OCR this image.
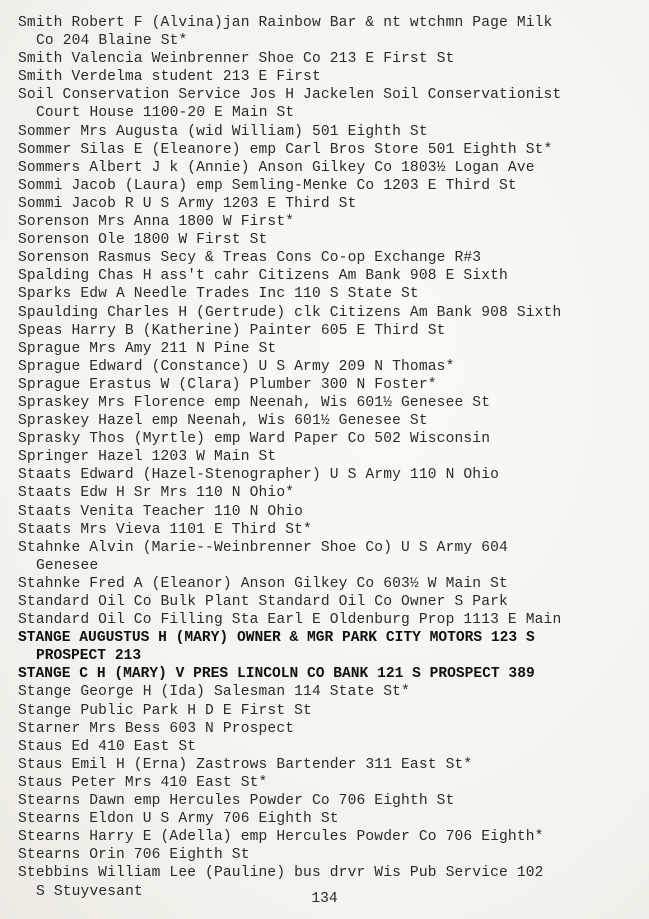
Smith Robert F (Alvina)jan Rainbow Bar & nt wtchmn Page Milk
Co 204 Blaine St*

Smith Valencia Weinbrenner Shoe Co 213 E First St

Smith Verdelma student 213 E First

Soil Conservation Service Jos H Jackelen Soil Conservationist
Court House 1100-20 E Main St

Sommer Mrs Augusta (wid William) 501 Eighth St

Sommer Silas E (Eleanore) emp Carl Bros Store 501 Eighth St*

Sommers Albert J k (Annie) Anson Gilkey Co 1803½ Logan Ave

Sommi Jacob (Laura) emp Semling-Menke Co 1203 E Third St

Sommi Jacob R U S Army 1203 E Third St

Sorenson Mrs Anna 1800 W First*

Sorenson Ole 1800 W First St

Sorenson Rasmus Secy & Treas Cons Co-op Exchange R#3

Spalding Chas H ass't cahr Citizens Am Bank 908 E Sixth

Sparks Edw A Needle Trades Inc 110 S State St

Spaulding Charles H (Gertrude) clk Citizens Am Bank 908 Sixth

Speas Harry B (Katherine) Painter 605 E Third St

Sprague Mrs Amy 211 N Pine St

Sprague Edward (Constance) U S Army 209 N Thomas*

Sprague Erastus W (Clara) Plumber 300 N Foster*

Spraskey Mrs Florence emp Neenah, Wis 601½ Genesee St

Spraskey Hazel emp Neenah, Wis 601½ Genesee St

Sprasky Thos (Myrtle) emp Ward Paper Co 502 Wisconsin

Springer Hazel 1203 W Main St

Staats Edward (Hazel-Stenographer) U S Army 110 N Ohio

Staats Edw H Sr Mrs 110 N Ohio*

Staats Venita Teacher 110 N Ohio

Staats Mrs Vieva 1101 E Third St*

Stahnke Alvin (Marie--Weinbrenner Shoe Co) U S Army 604
Genesee

Stahnke Fred A (Eleanor) Anson Gilkey Co 603½ W Main St

Standard Oil Co Bulk Plant Standard Oil Co Owner S Park

Standard Oil Co Filling Sta Earl E Oldenburg Prop 1113 E Main

STANGE AUGUSTUS H (MARY) OWNER & MGR PARK CITY MOTORS 123 S
PROSPECT 213

STANGE C H (MARY) V PRES LINCOLN CO BANK 121 S PROSPECT 389

Stange George H (Ida) Salesman 114 State St*

Stange Public Park H D E First St

Starner Mrs Bess 603 N Prospect

Staus Ed 410 East St

Staus Emil H (Erna) Zastrows Bartender 311 East St*

Staus Peter Mrs 410 East St*

Stearns Dawn emp Hercules Powder Co 706 Eighth St

Stearns Eldon U S Army 706 Eighth St

Stearns Harry E (Adella) emp Hercules Powder Co 706 Eighth*

Stearns Orin 706 Eighth St

Stebbins William Lee (Pauline) bus drvr Wis Pub Service 102
S Stuyvesant	134
